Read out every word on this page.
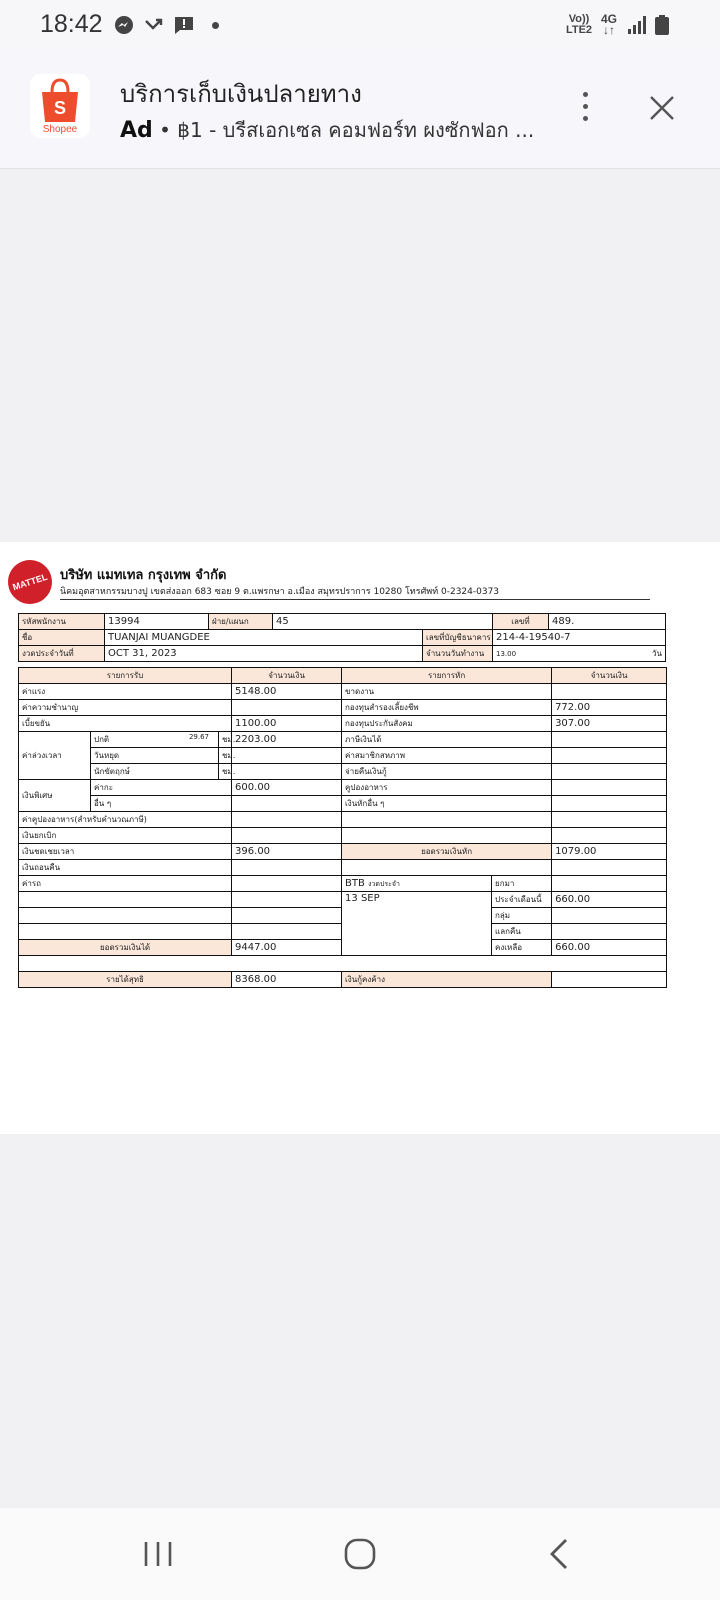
18:42	Vo))
LTE2
4G
↓↑
S
Shopee
บริการเก็บเงินปลายทาง
Ad • ฿1 - บรีสเอกเซล คอมฟอร์ท ผงซักฟอก ...
MATTEL บริษัท แมทเทล กรุงเทพ จำกัด
นิคมอุตสาหกรรมบางปู เขตส่งออก 683 ซอย 9 ต.แพรกษา อ.เมือง สมุทรปราการ 10280 โทรศัพท์ 0-2324-0373
รหัสพนักงาน	13994	ฝ่าย/แผนก	45		เลขที่	489.
ชื่อ	TUANJAI MUANGDEE			เลขที่บัญชีธนาคาร	214-4-19540-7	
งวดประจำวันที่	OCT 31, 2023			จำนวนวันทำงาน	13.00	วัน
รายการรับ			จำนวนเงิน	รายการหัก		จำนวนเงิน
ค่าแรง			5148.00	ขาดงาน		
ค่าความชำนาญ				กองทุนสำรองเลี้ยงชีพ		772.00
เบี้ยขยัน			1100.00	กองทุนประกันสังคม		307.00
ค่าล่วงเวลา	ปกติ 29.67	ชม.	2203.00	ภาษีเงินได้		
	วันหยุด	ชม.		ค่าสมาชิกสหภาพ		
	นักขัตฤกษ์	ชม.		จ่ายคืนเงินกู้		
เงินพิเศษ	ค่ากะ		600.00	คูปองอาหาร		
	อื่น ๆ			เงินหักอื่น ๆ		
ค่าคูปองอาหาร(สำหรับคำนวณภาษี)						
เงินยกเบิก						
เงินชดเชยเวลา			396.00	ยอดรวมเงินหัก		1079.00
เงินถอนคืน						
ค่ารถ				BTB งวดประจำ	ยกมา	
				13 SEP	ประจำเดือนนี้	660.00
					กลุ่ม	
					แลกคืน	
ยอดรวมเงินได้			9447.00		คงเหลือ	660.00

รายได้สุทธิ			8368.00	เงินกู้คงค้าง		
